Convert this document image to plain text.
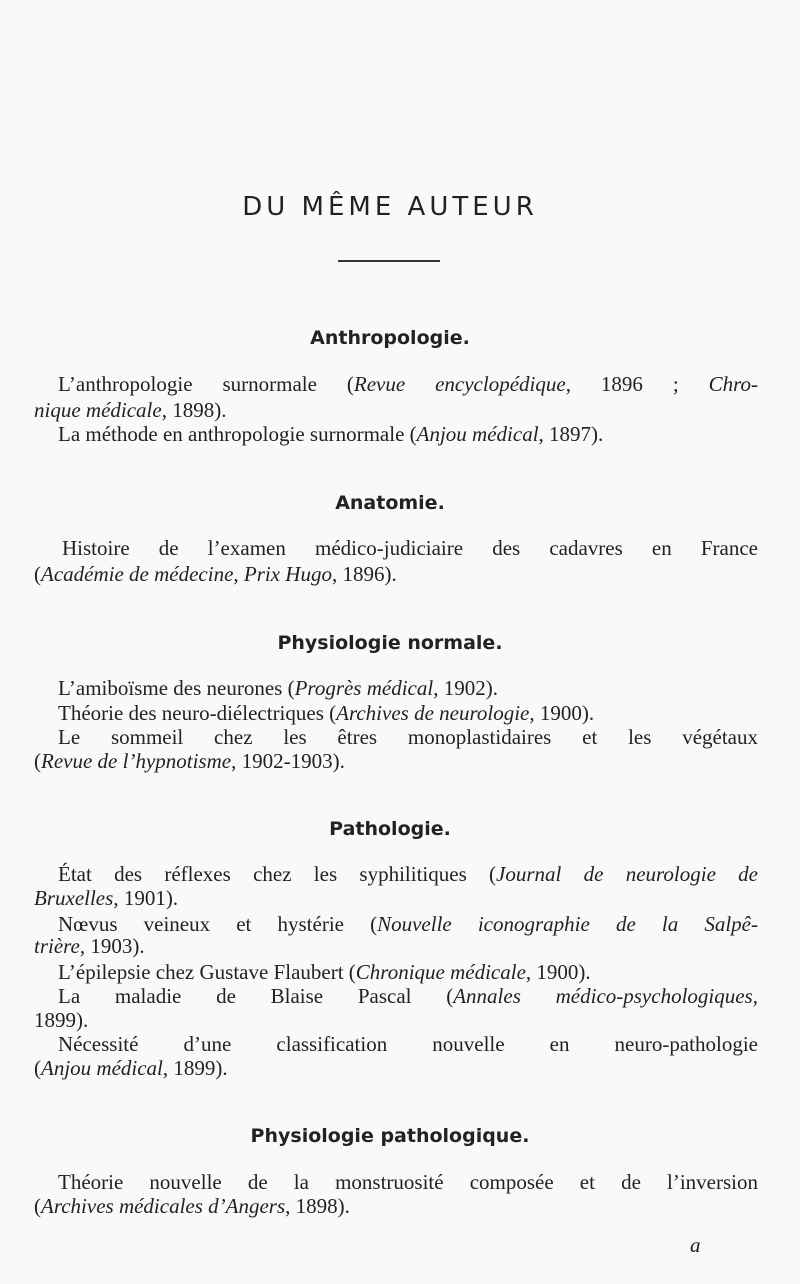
DU MÊME AUTEUR
Anthropologie.
L’anthropologie surnormale (Revue encyclopédique, 1896 ; Chro-
nique médicale, 1898).
La méthode en anthropologie surnormale (Anjou médical, 1897).
Anatomie.
Histoire de l’examen médico-judiciaire des cadavres en France
(Académie de médecine, Prix Hugo, 1896).
Physiologie normale.
L’amiboïsme des neurones (Progrès médical, 1902).
Théorie des neuro-diélectriques (Archives de neurologie, 1900).
Le sommeil chez les êtres monoplastidaires et les végétaux
(Revue de l’hypnotisme, 1902-1903).
Pathologie.
État des réflexes chez les syphilitiques (Journal de neurologie de
Bruxelles, 1901).
Nœvus veineux et hystérie (Nouvelle iconographie de la Salpê-
trière, 1903).
L’épilepsie chez Gustave Flaubert (Chronique médicale, 1900).
La maladie de Blaise Pascal (Annales médico-psychologiques,
1899).
Nécessité d’une classification nouvelle en neuro-pathologie
(Anjou médical, 1899).
Physiologie pathologique.
Théorie nouvelle de la monstruosité composée et de l’inversion
(Archives médicales d’Angers, 1898).
a
